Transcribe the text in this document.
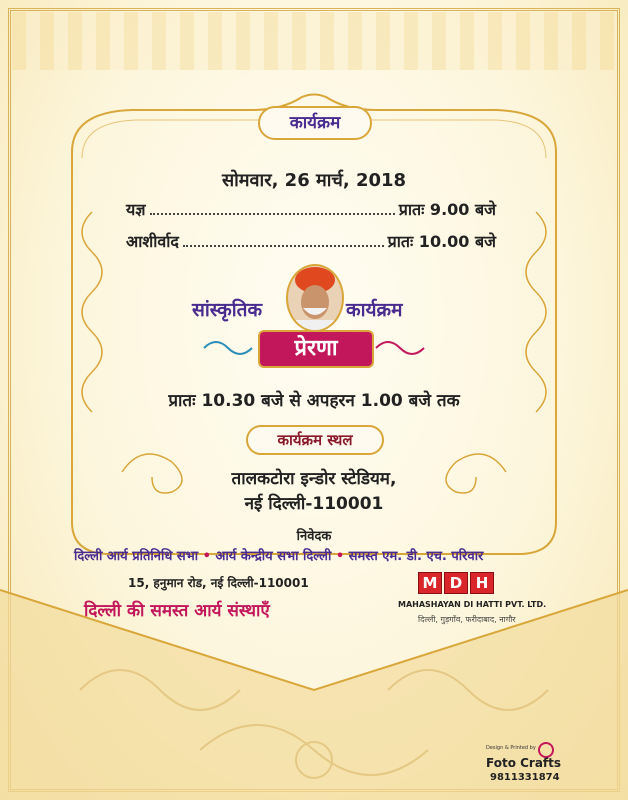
कार्यक्रम
सोमवार, 26 मार्च, 2018
यज्ञ	प्रातः 9.00 बजे
आशीर्वाद	प्रातः 10.00 बजे
सांस्कृतिक	कार्यक्रम
प्रेरणा
प्रातः 10.30 बजे से अपहरन 1.00 बजे तक
कार्यक्रम स्थल
तालकटोरा इन्डोर स्टेडियम,
नई दिल्ली-110001
निवेदक
दिल्ली आर्य प्रतिनिधि सभा • आर्य केन्द्रीय सभा दिल्ली • समस्त एम. डी. एच. परिवार
15, हनुमान रोड, नई दिल्ली-110001
दिल्ली की समस्त आर्य संस्थाएँ
M D H
MAHASHAYAN DI HATTI PVT. LTD.
दिल्ली, गुड़गाँव, फरीदाबाद, नागौर
Design & Printed by
Foto Crafts
9811331874
